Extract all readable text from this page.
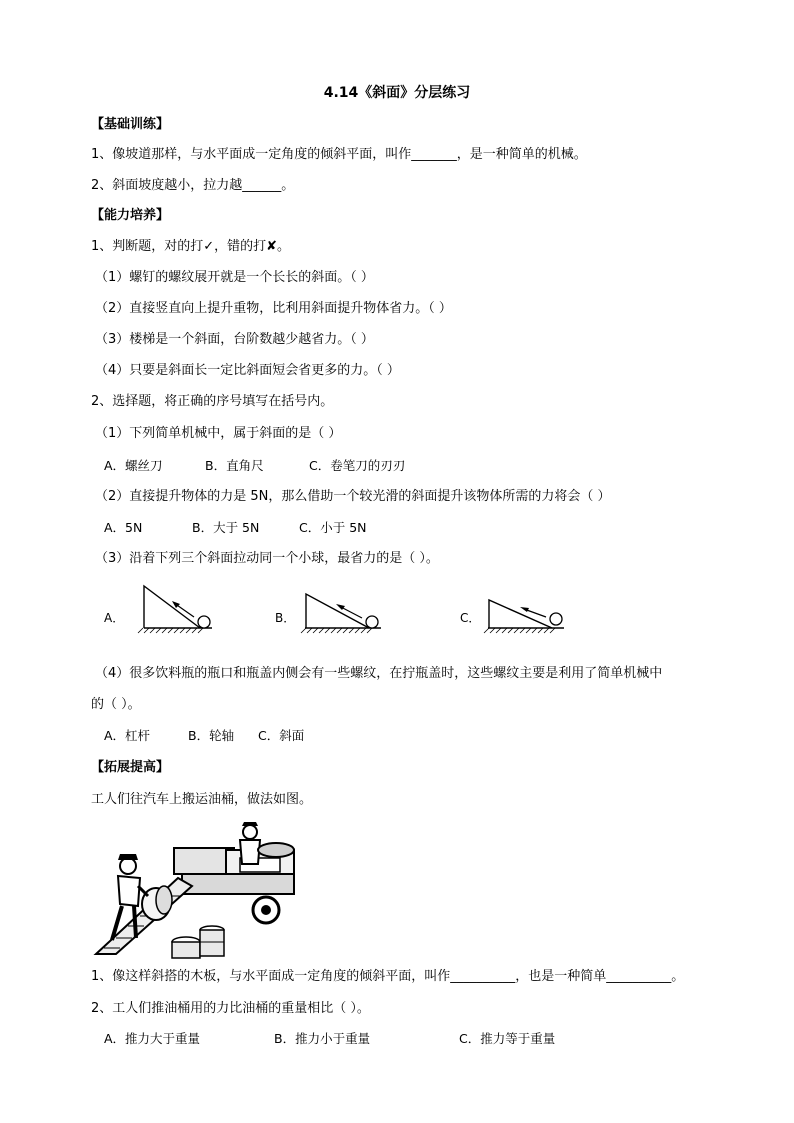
4.14《斜面》分层练习
【基础训练】
1、像坡道那样，与水平面成一定角度的倾斜平面，叫作_______，是一种简单的机械。
2、斜面坡度越小，拉力越______。
【能力培养】
1、判断题，对的打✓，错的打✘。
（1）螺钉的螺纹展开就是一个长长的斜面。（ ）
（2）直接竖直向上提升重物，比利用斜面提升物体省力。（ ）
（3）楼梯是一个斜面，台阶数越少越省力。（ ）
（4）只要是斜面长一定比斜面短会省更多的力。（ ）
2、选择题，将正确的序号填写在括号内。
（1）下列简单机械中，属于斜面的是（ ）
A．螺丝刀	B．直角尺	C．卷笔刀的刃刃
（2）直接提升物体的力是 5N，那么借助一个较光滑的斜面提升该物体所需的力将会（ ）
A．5N	B．大于 5N	C．小于 5N
（3）沿着下列三个斜面拉动同一个小球，最省力的是（ ）。
A．	B．	C．
（4）很多饮料瓶的瓶口和瓶盖内侧会有一些螺纹，在拧瓶盖时，这些螺纹主要是利用了简单机械中
的（ ）。
A．杠杆	B．轮轴 C．斜面
【拓展提高】
工人们往汽车上搬运油桶，做法如图。
1、像这样斜搭的木板，与水平面成一定角度的倾斜平面，叫作__________，也是一种简单__________。
2、工人们推油桶用的力比油桶的重量相比（ ）。
A．推力大于重量	B．推力小于重量	C．推力等于重量
